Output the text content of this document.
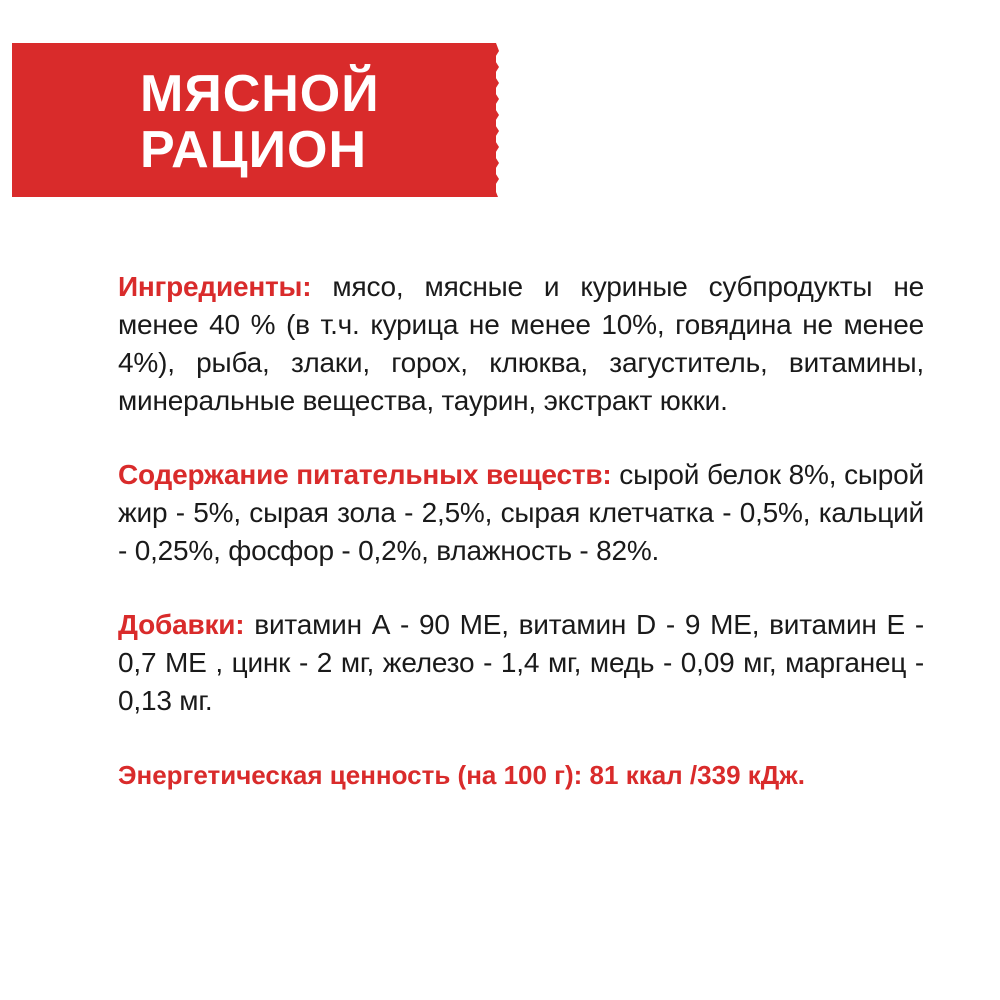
МЯСНОЙ
РАЦИОН

Ингредиенты: мясо, мясные и куриные субпродукты не менее 40 % (в т.ч. курица не менее 10%, говядина не менее 4%), рыба, злаки, горох, клюква, загуститель, витамины, минеральные вещества, таурин, экстракт юкки.

Содержание питательных веществ: сырой белок 8%, сырой жир - 5%, сырая зола - 2,5%, сырая клетчатка - 0,5%, кальций - 0,25%, фосфор - 0,2%, влажность - 82%.

Добавки: витамин А - 90 МЕ, витамин D - 9 МЕ, витамин Е - 0,7 МЕ , цинк - 2 мг, железо - 1,4 мг, медь - 0,09 мг, марганец - 0,13 мг.

Энергетическая ценность (на 100 г): 81 ккал /339 кДж.
